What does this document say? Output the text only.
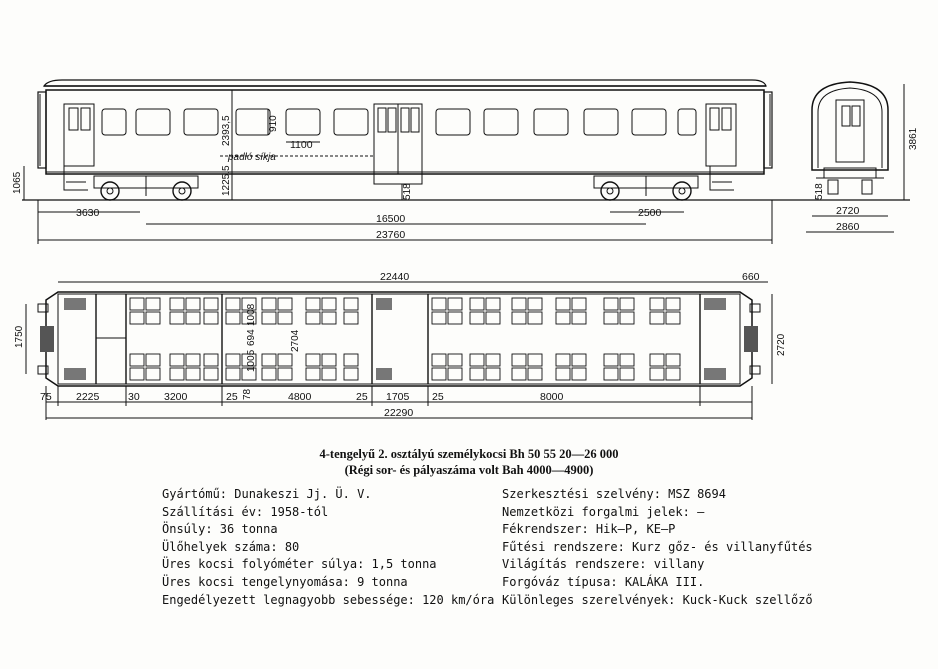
padló síkja
2393,5
1225,5
910
1100
518
1065
3630	16500	2500
23760
3861
518
2720
2860
22440	660
1750	2720
1005
694
1008
2704
75 2225	30 3200	25 78	4800	25 1705 25	8000
22290
4-tengelyű 2. osztályú személykocsi Bh 50 55 20—26 000
(Régi sor- és pályaszáma volt Bah 4000—4900)
Gyártómű: Dunakeszi Jj. Ü. V.
Szállítási év: 1958-tól
Önsúly: 36 tonna
Ülőhelyek száma: 80
Üres kocsi folyóméter súlya: 1,5 tonna
Üres kocsi tengelynyomása: 9 tonna
Engedélyezett legnagyobb sebessége: 120 km/óra
Szerkesztési szelvény: MSZ 8694
Nemzetközi forgalmi jelek: —
Fékrendszer: Hik—P, KE—P
Fűtési rendszere: Kurz gőz- és villanyfűtés
Világítás rendszere: villany
Forgóváz típusa: KALÁKA III.
Különleges szerelvények: Kuck-Kuck szellőző
